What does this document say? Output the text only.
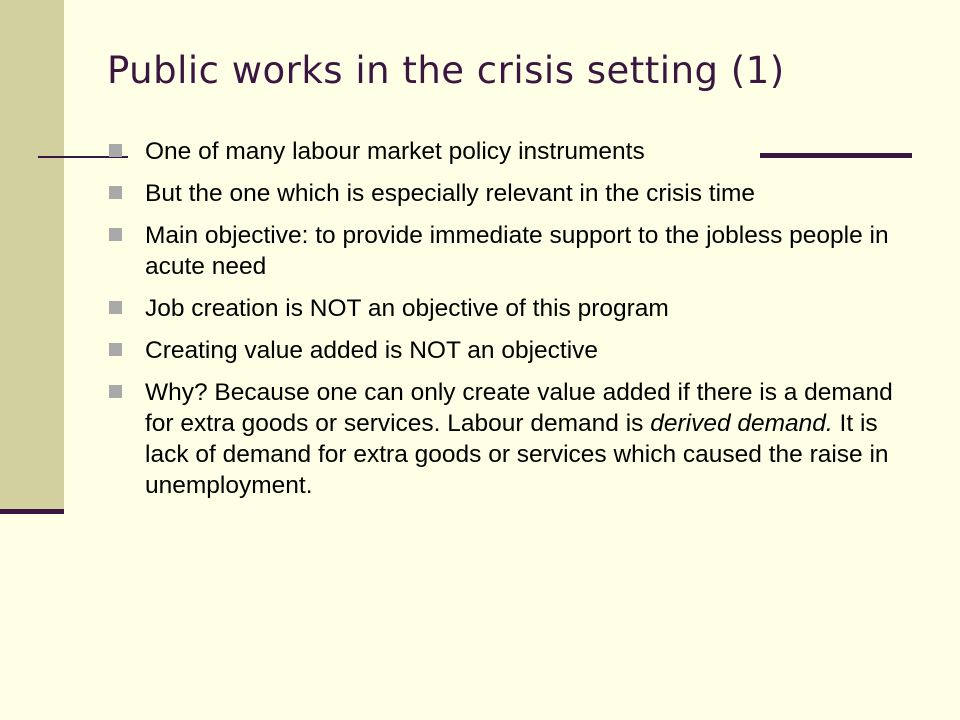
Public works in the crisis setting (1)
One of many labour market policy instruments
But the one which is especially relevant in the crisis time
Main objective: to provide immediate support to the jobless people in acute need
Job creation is NOT an objective of this program
Creating value added is NOT an objective
Why? Because one can only create value added if there is a demand for extra goods or services. Labour demand is derived demand. It is lack of demand for extra goods or services which caused the raise in unemployment.
